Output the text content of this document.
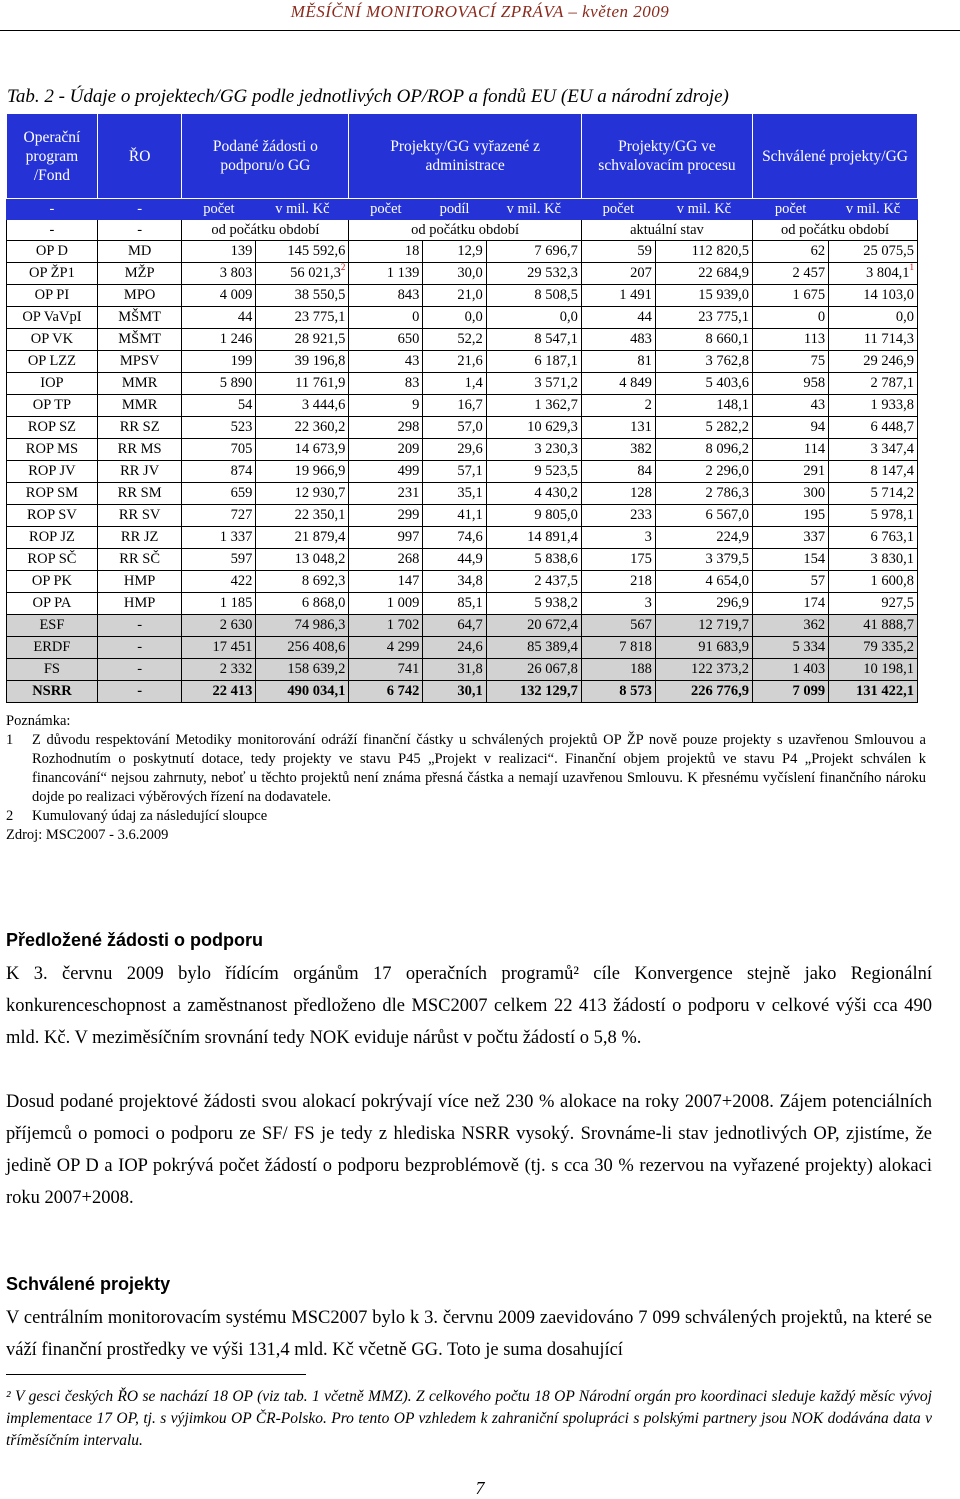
MĚSÍČNÍ MONITOROVACÍ ZPRÁVA – květen 2009
Tab. 2 - Údaje o projektech/GG podle jednotlivých OP/ROP a fondů EU (EU a národní zdroje)
Operační program /Fond	ŘO	Podané žádosti o podporu/o GG		Projekty/GG vyřazené z administrace			Projekty/GG ve schvalovacím procesu		Schválené projekty/GG	
-	-	počet	v mil. Kč	počet	podíl	v mil. Kč	počet	v mil. Kč	počet	v mil. Kč
-	-	od počátku období		od počátku období			aktuální stav		od počátku období	
OP D	MD	139	145 592,6	18	12,9	7 696,7	59	112 820,5	62	25 075,5
OP ŽP1	MŽP	3 803	56 021,3$^2$	1 139	30,0	29 532,3	207	22 684,9	2 457	3 804,1$^1$
OP PI	MPO	4 009	38 550,5	843	21,0	8 508,5	1 491	15 939,0	1 675	14 103,0
OP VaVpI	MŠMT	44	23 775,1	0	0,0	0,0	44	23 775,1	0	0,0
OP VK	MŠMT	1 246	28 921,5	650	52,2	8 547,1	483	8 660,1	113	11 714,3
OP LZZ	MPSV	199	39 196,8	43	21,6	6 187,1	81	3 762,8	75	29 246,9
IOP	MMR	5 890	11 761,9	83	1,4	3 571,2	4 849	5 403,6	958	2 787,1
OP TP	MMR	54	3 444,6	9	16,7	1 362,7	2	148,1	43	1 933,8
ROP SZ	RR SZ	523	22 360,2	298	57,0	10 629,3	131	5 282,2	94	6 448,7
ROP MS	RR MS	705	14 673,9	209	29,6	3 230,3	382	8 096,2	114	3 347,4
ROP JV	RR JV	874	19 966,9	499	57,1	9 523,5	84	2 296,0	291	8 147,4
ROP SM	RR SM	659	12 930,7	231	35,1	4 430,2	128	2 786,3	300	5 714,2
ROP SV	RR SV	727	22 350,1	299	41,1	9 805,0	233	6 567,0	195	5 978,1
ROP JZ	RR JZ	1 337	21 879,4	997	74,6	14 891,4	3	224,9	337	6 763,1
ROP SČ	RR SČ	597	13 048,2	268	44,9	5 838,6	175	3 379,5	154	3 830,1
OP PK	HMP	422	8 692,3	147	34,8	2 437,5	218	4 654,0	57	1 600,8
OP PA	HMP	1 185	6 868,0	1 009	85,1	5 938,2	3	296,9	174	927,5
ESF	-	2 630	74 986,3	1 702	64,7	20 672,4	567	12 719,7	362	41 888,7
ERDF	-	17 451	256 408,6	4 299	24,6	85 389,4	7 818	91 683,9	5 334	79 335,2
FS	-	2 332	158 639,2	741	31,8	26 067,8	188	122 373,2	1 403	10 198,1
NSRR	-	22 413	490 034,1	6 742	30,1	132 129,7	8 573	226 776,9	7 099	131 422,1
Poznámka:
1	Z důvodu respektování Metodiky monitorování odráží finanční částky u schválených projektů OP ŽP nově pouze projekty s uzavřenou Smlouvou a Rozhodnutím o poskytnutí dotace, tedy projekty ve stavu P45 „Projekt v realizaci“. Finanční objem projektů ve stavu P4 „Projekt schválen k financování“ nejsou zahrnuty, neboť u těchto projektů není známa přesná částka a nemají uzavřenou Smlouvu. K přesnému vyčíslení finančního nároku dojde po realizaci výběrových řízení na dodavatele.
2	Kumulovaný údaj za následující sloupce
Zdroj: MSC2007 - 3.6.2009
Předložené žádosti o podporu

K 3. červnu 2009 bylo řídícím orgánům 17 operačních programů² cíle Konvergence stejně jako Regionální konkurenceschopnost a zaměstnanost předloženo dle MSC2007 celkem 22 413 žádostí o podporu v celkové výši cca 490 mld. Kč. V meziměsíčním srovnání tedy NOK eviduje nárůst v počtu žádostí o 5,8 %.

Dosud podané projektové žádosti svou alokací pokrývají více než 230 % alokace na roky 2007+2008. Zájem potenciálních příjemců o pomoci o podporu ze SF/ FS je tedy z hlediska NSRR vysoký. Srovnáme-li stav jednotlivých OP, zjistíme, že jedině OP D a IOP pokrývá počet žádostí o podporu bezproblémově (tj. s cca 30 % rezervou na vyřazené projekty) alokaci roku 2007+2008.

Schválené projekty

V centrálním monitorovacím systému MSC2007 bylo k 3. červnu 2009 zaevidováno 7 099 schválených projektů, na které se váží finanční prostředky ve výši 131,4 mld. Kč včetně GG. Toto je suma dosahující

² V gesci českých ŘO se nachází 18 OP (viz tab. 1 včetně MMZ). Z celkového počtu 18 OP Národní orgán pro koordinaci sleduje každý měsíc vývoj implementace 17 OP, tj. s výjimkou OP ČR-Polsko. Pro tento OP vzhledem k zahraniční spolupráci s polskými partnery jsou NOK dodávána data v tříměsíčním intervalu.
7
